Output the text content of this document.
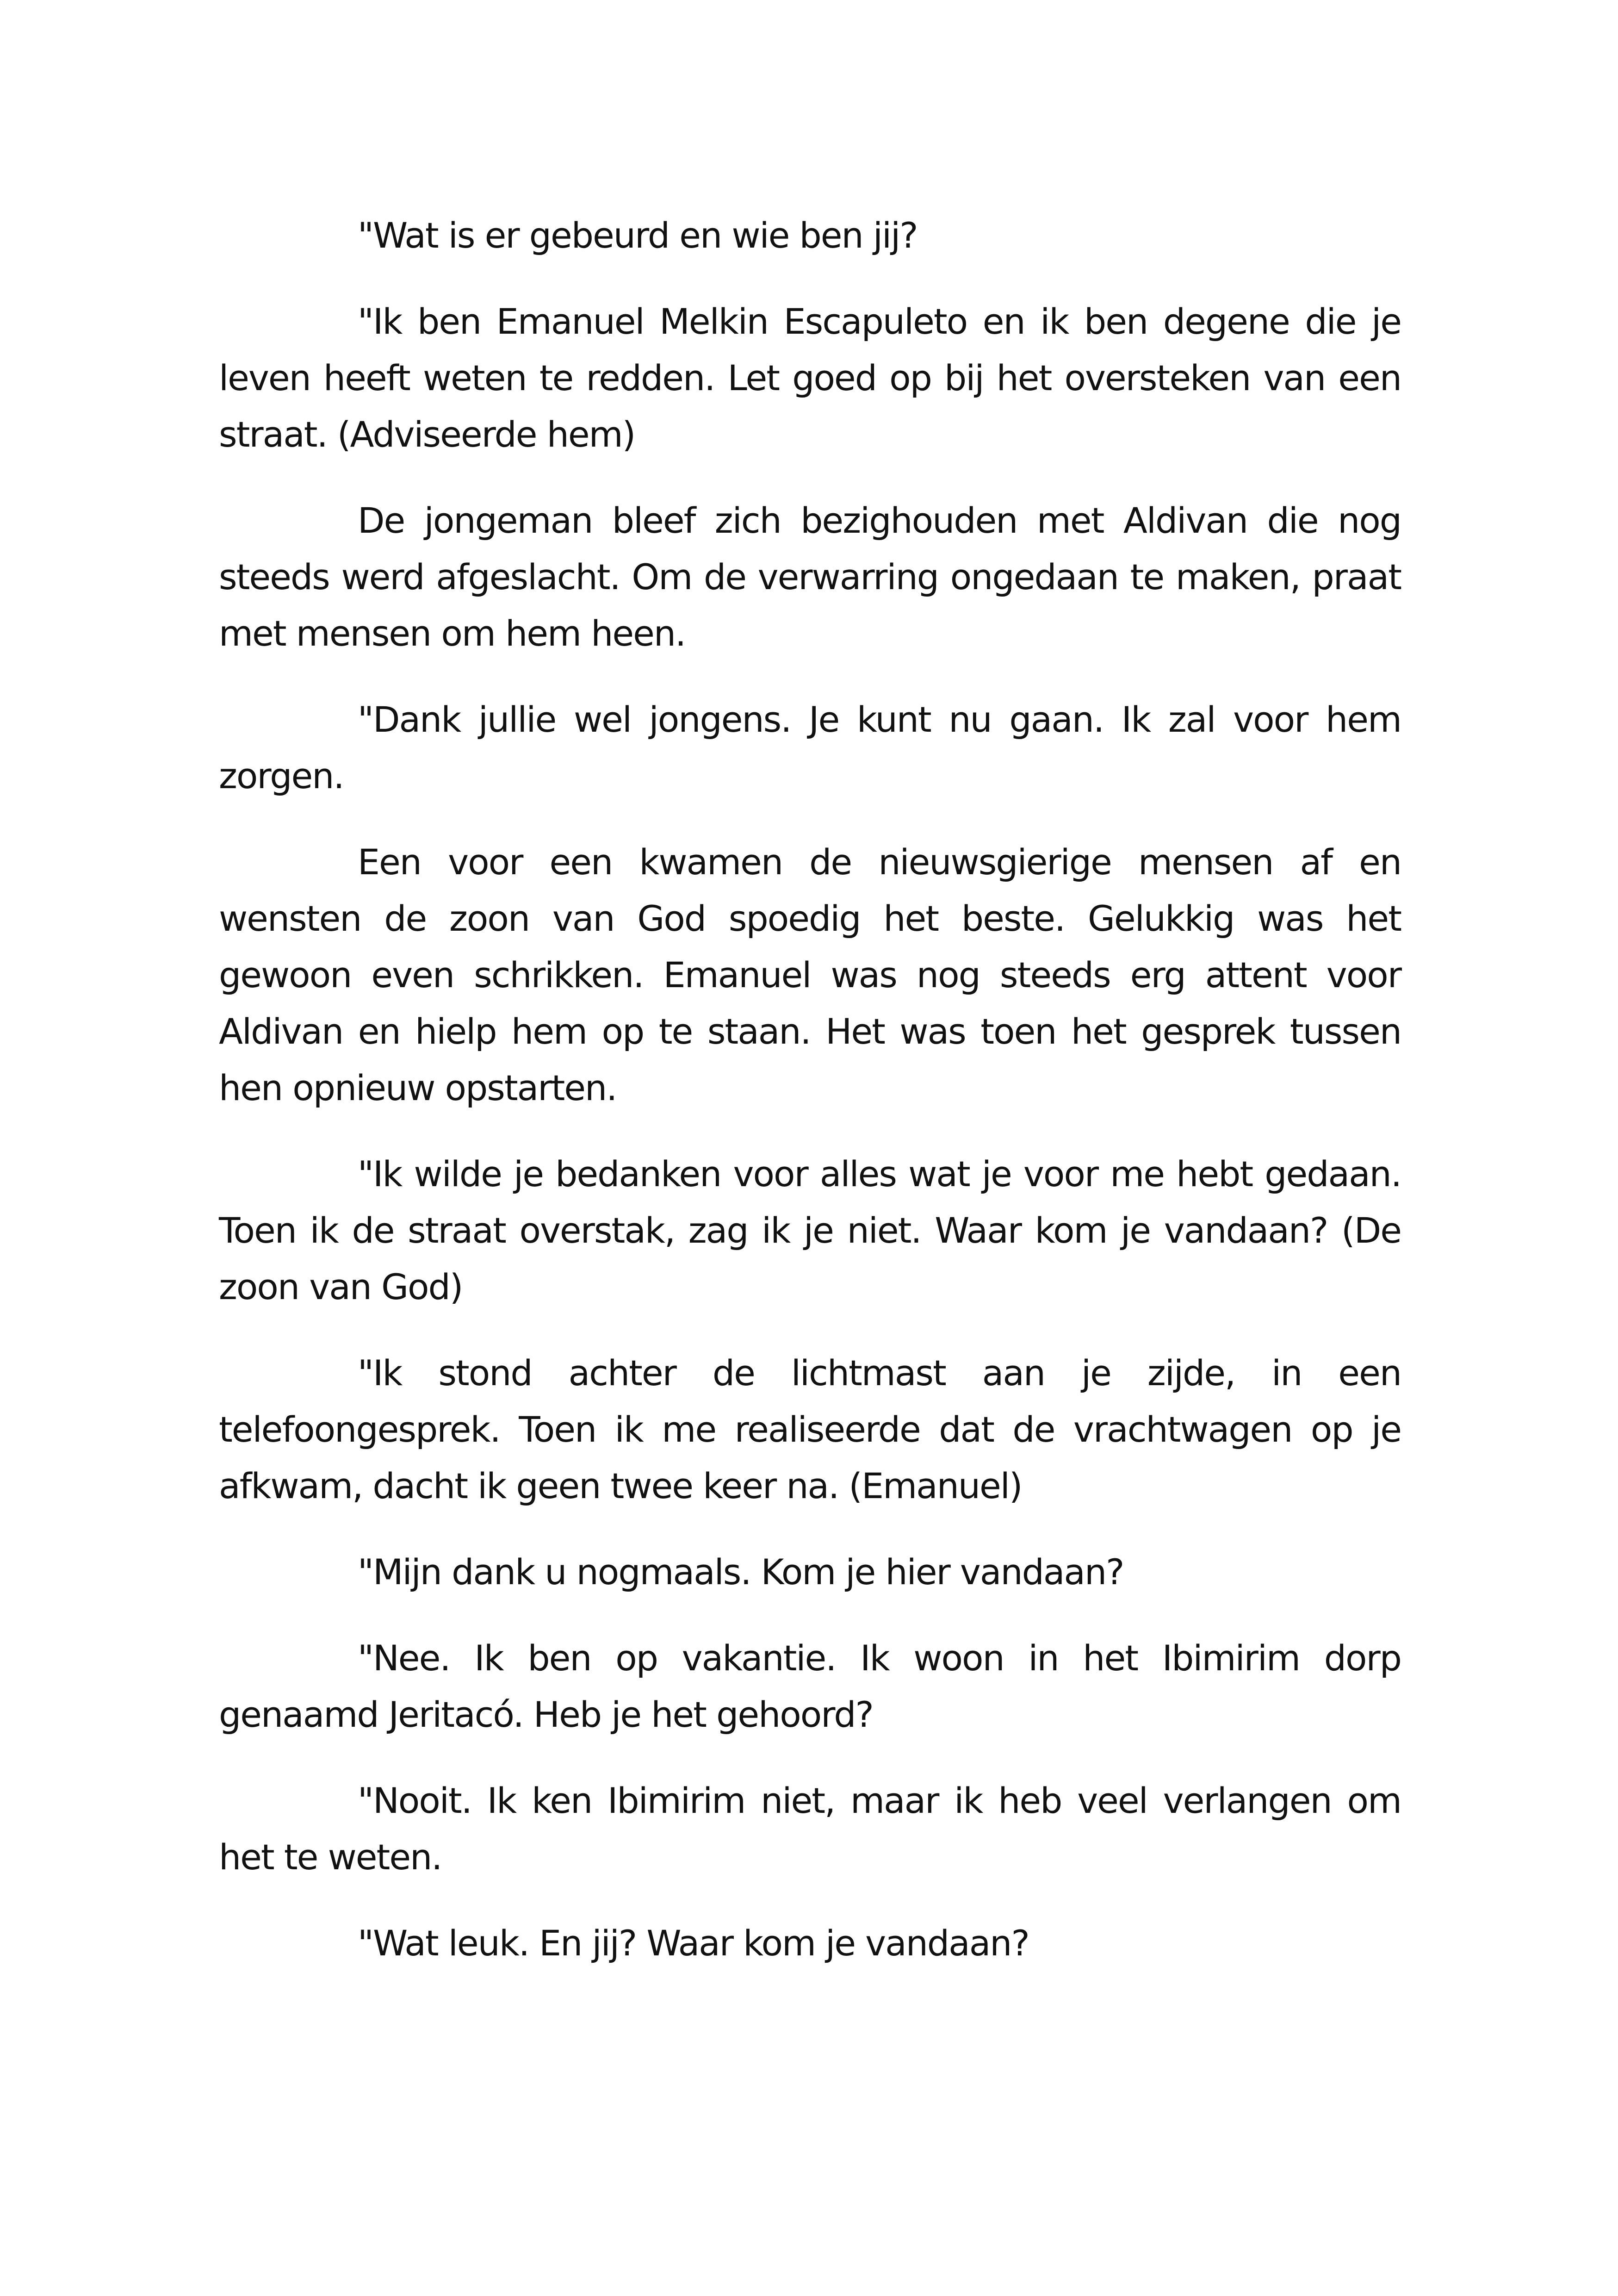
"Wat is er gebeurd en wie ben jij?

"Ik ben Emanuel Melkin Escapuleto en ik ben degene die je leven heeft weten te redden. Let goed op bij het oversteken van een straat. (Adviseerde hem)

De jongeman bleef zich bezighouden met Aldivan die nog steeds werd afgeslacht. Om de verwarring ongedaan te maken, praat met mensen om hem heen.

"Dank jullie wel jongens. Je kunt nu gaan. Ik zal voor hem zorgen.

Een voor een kwamen de nieuwsgierige mensen af en wensten de zoon van God spoedig het beste. Gelukkig was het gewoon even schrikken. Emanuel was nog steeds erg attent voor Aldivan en hielp hem op te staan. Het was toen het gesprek tussen hen opnieuw opstarten.

"Ik wilde je bedanken voor alles wat je voor me hebt gedaan. Toen ik de straat overstak, zag ik je niet. Waar kom je vandaan? (De zoon van God)

"Ik stond achter de lichtmast aan je zijde, in een telefoongesprek. Toen ik me realiseerde dat de vrachtwagen op je afkwam, dacht ik geen twee keer na. (Emanuel)

"Mijn dank u nogmaals. Kom je hier vandaan?

"Nee. Ik ben op vakantie. Ik woon in het Ibimirim dorp genaamd Jeritacó. Heb je het gehoord?

"Nooit. Ik ken Ibimirim niet, maar ik heb veel verlangen om het te weten.

"Wat leuk. En jij? Waar kom je vandaan?
